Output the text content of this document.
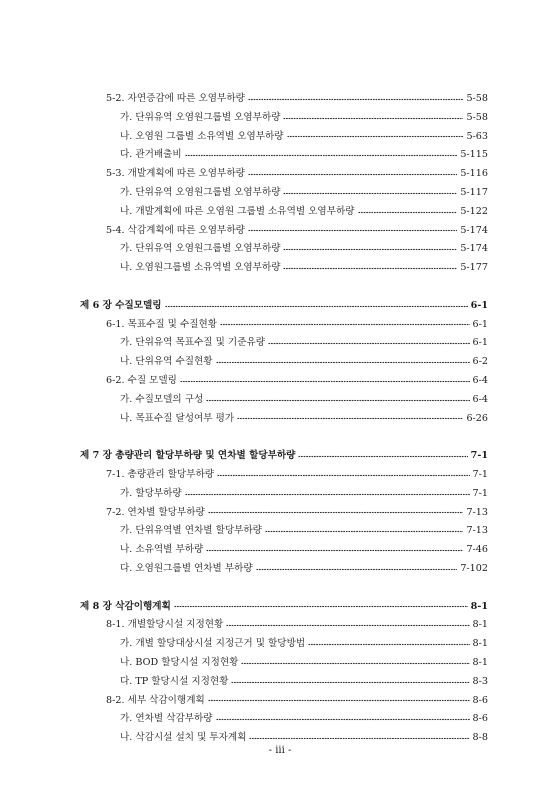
5-2. 자연증감에 따른 오염부하량	5-58
가. 단위유역 오염원그룹별 오염부하량	5-58
나. 오염원 그룹별 소유역별 오염부하량	5-63
다. 관거배출비	5-115
5-3. 개발계획에 따른 오염부하량	5-116
가. 단위유역 오염원그룹별 오염부하량	5-117
나. 개발계획에 따른 오염원 그룹별 소유역별 오염부하량	5-122
5-4. 삭감계획에 따른 오염부하량	5-174
가. 단위유역 오염원그룹별 오염부하량	5-174
나. 오염원그룹별 소유역별 오염부하량	5-177
제 6 장 수질모델링	6-1
6-1. 목표수질 및 수질현황	6-1
가. 단위유역 목표수질 및 기준유량	6-1
나. 단위유역 수질현황	6-2
6-2. 수질 모델링	6-4
가. 수질모델의 구성	6-4
나. 목표수질 달성여부 평가	6-26
제 7 장 총량관리 할당부하량 및 연차별 할당부하량	7-1
7-1. 총량관리 할당부하량	7-1
가. 할당부하량	7-1
7-2. 연차별 할당부하량	7-13
가. 단위유역별 연차별 할당부하량	7-13
나. 소유역별 부하량	7-46
다. 오염원그룹별 연차별 부하량	7-102
제 8 장 삭감이행계획	8-1
8-1. 개별할당시설 지정현황	8-1
가. 개별 할당대상시설 지정근거 및 할당방법	8-1
나. BOD 할당시설 지정현황	8-1
다. TP 할당시설 지정현황	8-3
8-2. 세부 삭감이행계획	8-6
가. 연차별 삭감부하량	8-6
나. 삭감시설 설치 및 투자계획	8-8
- iii -
